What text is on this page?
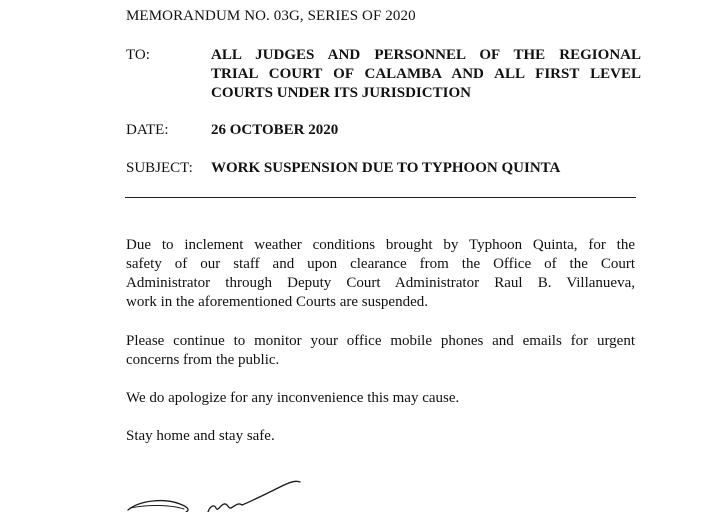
MEMORANDUM NO. 03G, SERIES OF 2020
TO:	ALL JUDGES AND PERSONNEL OF THE REGIONAL
TRIAL COURT OF CALAMBA AND ALL FIRST LEVEL
COURTS UNDER ITS JURISDICTION
DATE:	26 OCTOBER 2020
SUBJECT: WORK SUSPENSION DUE TO TYPHOON QUINTA
Due to inclement weather conditions brought by Typhoon Quinta, for the
safety of our staff and upon clearance from the Office of the Court
Administrator through Deputy Court Administrator Raul B. Villanueva,
work in the aforementioned Courts are suspended.
Please continue to monitor your office mobile phones and emails for urgent
concerns from the public.
We do apologize for any inconvenience this may cause.
Stay home and stay safe.
